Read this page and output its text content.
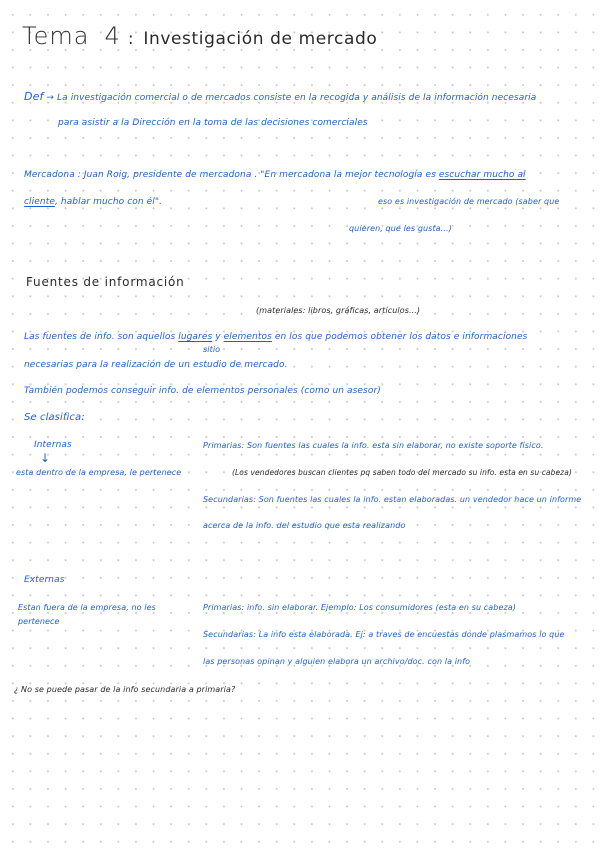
Tema 4 : Investigación de mercado
Def → La investigación comercial o de mercados consiste en la recogida y análisis de la información necesaria
para asistir a la Dirección en la toma de las decisiones comerciales
Mercadona : Juan Roig, presidente de mercadona . "En mercadona la mejor tecnología es escuchar mucho al
cliente, hablar mucho con él".	eso es investigación de mercado (saber que
quieren, que les gusta...)
Fuentes de información
(materiales: libros, gráficas, artículos...)
Las fuentes de info. son aquellos lugares y elementos en los que podemos obtener los datos e informaciones
sitio
necesarias para la realización de un estudio de mercado.
También podemos conseguir info. de elementos personales (como un asesor)
Se clasifica:
Internas
↓
esta dentro de la empresa, le pertenece
Primarias: Son fuentes las cuales la info. esta sin elaborar, no existe soporte físico.
(Los vendedores buscan clientes pq saben todo del mercado su info. esta en su cabeza)
Secundarias: Son fuentes las cuales la info. estan elaboradas. un vendedor hace un informe
acerca de la info. del estudio que esta realizando
Externas
Estan fuera de la empresa, no les
pertenece
Primarias: info. sin elaborar. Ejemplo: Los consumidores (esta en su cabeza)
Secundarias: La info esta elaborada. Ej: a traves de encuestas donde plasmamos lo que
las personas opinan y alguien elabora un archivo/doc. con la info
¿ No se puede pasar de la info secundaria a primaria?
